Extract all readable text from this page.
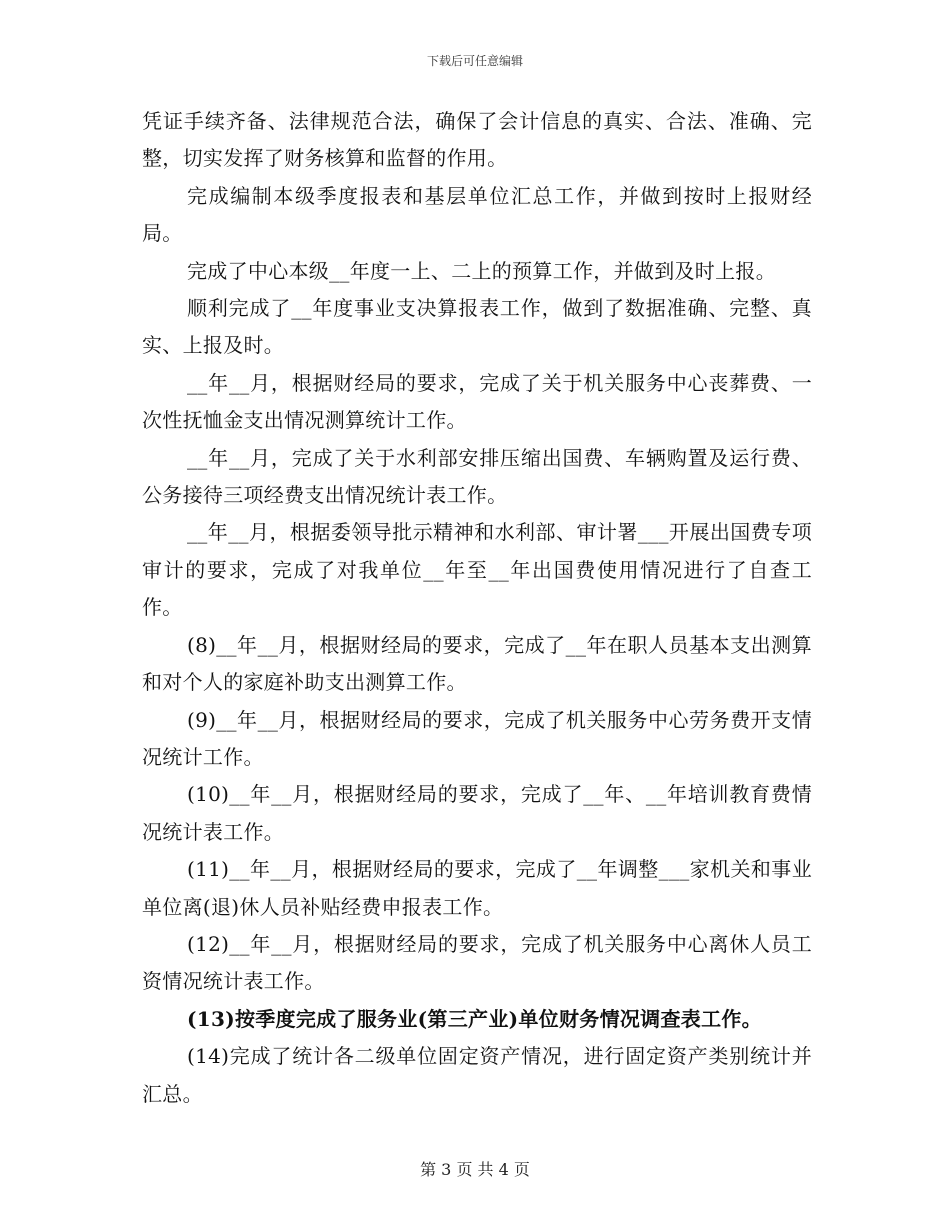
下载后可任意编辑

凭证手续齐备、法律规范合法，确保了会计信息的真实、合法、准确、完整，切实发挥了财务核算和监督的作用。

完成编制本级季度报表和基层单位汇总工作，并做到按时上报财经局。

完成了中心本级__年度一上、二上的预算工作，并做到及时上报。

顺利完成了__年度事业支决算报表工作，做到了数据准确、完整、真实、上报及时。

__年__月，根据财经局的要求，完成了关于机关服务中心丧葬费、一次性抚恤金支出情况测算统计工作。

__年__月，完成了关于水利部安排压缩出国费、车辆购置及运行费、公务接待三项经费支出情况统计表工作。

__年__月，根据委领导批示精神和水利部、审计署___开展出国费专项审计的要求，完成了对我单位__年至__年出国费使用情况进行了自查工作。

(8)__年__月，根据财经局的要求，完成了__年在职人员基本支出测算和对个人的家庭补助支出测算工作。

(9)__年__月，根据财经局的要求，完成了机关服务中心劳务费开支情况统计工作。

(10)__年__月，根据财经局的要求，完成了__年、__年培训教育费情况统计表工作。

(11)__年__月，根据财经局的要求，完成了__年调整___家机关和事业单位离(退)休人员补贴经费申报表工作。

(12)__年__月，根据财经局的要求，完成了机关服务中心离休人员工资情况统计表工作。

(13)按季度完成了服务业(第三产业)单位财务情况调查表工作。

(14)完成了统计各二级单位固定资产情况，进行固定资产类别统计并汇总。

第 3 页 共 4 页
